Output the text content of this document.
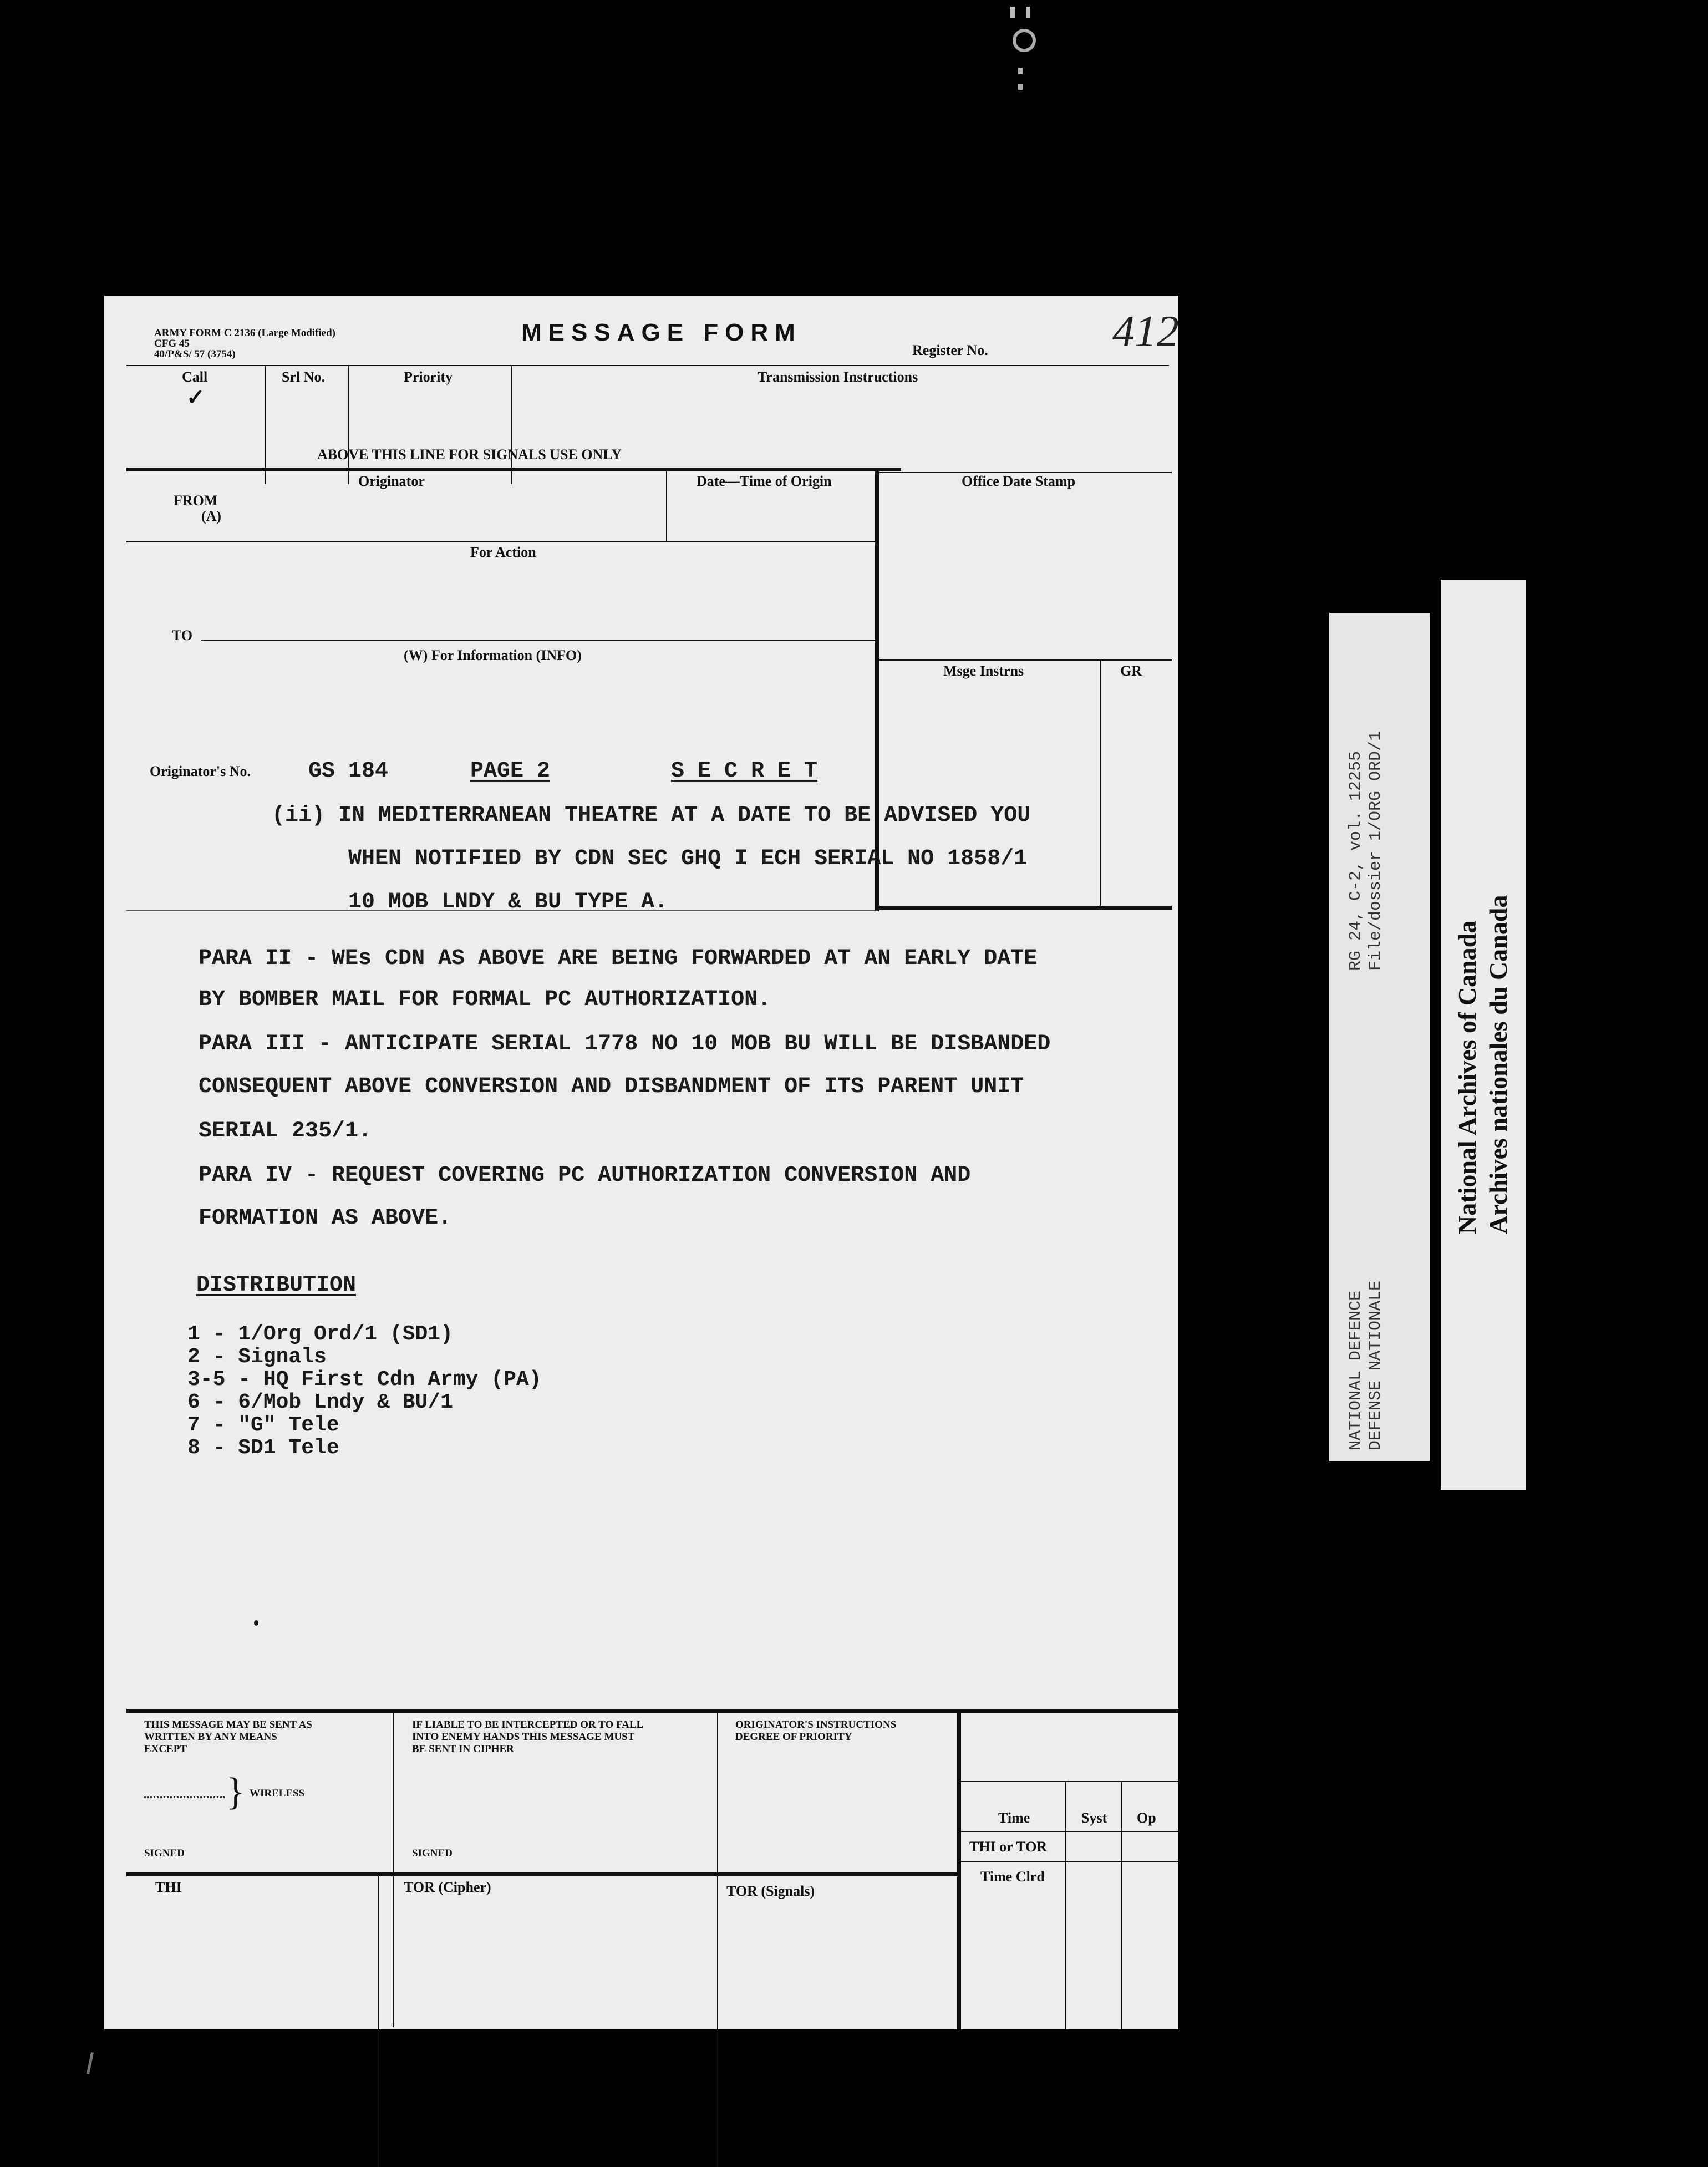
ARMY FORM C 2136 (Large Modified)
CFG 45
40/P&S/ 57 (3754)
MESSAGE FORM
Register No.	412
Call
✓
Srl No.	Priority	Transmission Instructions
ABOVE THIS LINE FOR SIGNALS USE ONLY
Originator	Date—Time of Origin
FROM
(A)
Office Date Stamp
For Action
TO
(W) For Information (INFO)
Msge Instrns	GR
Originator's No.	GS 184	PAGE 2	S E C R E T
(ii) IN MEDITERRANEAN THEATRE AT A DATE TO BE ADVISED YOU
WHEN NOTIFIED BY CDN SEC GHQ I ECH SERIAL NO 1858/1
10 MOB LNDY & BU TYPE A.
PARA II - WEs CDN AS ABOVE ARE BEING FORWARDED AT AN EARLY DATE
BY BOMBER MAIL FOR FORMAL PC AUTHORIZATION.
PARA III - ANTICIPATE SERIAL 1778 NO 10 MOB BU WILL BE DISBANDED
CONSEQUENT ABOVE CONVERSION AND DISBANDMENT OF ITS PARENT UNIT
SERIAL 235/1.
PARA IV - REQUEST COVERING PC AUTHORIZATION CONVERSION AND
FORMATION AS ABOVE.
DISTRIBUTION
1 - 1/Org Ord/1 (SD1)
2 - Signals
3-5 - HQ First Cdn Army (PA)
6 - 6/Mob Lndy & BU/1
7 - "G" Tele
8 - SD1 Tele
THIS MESSAGE MAY BE SENT AS
WRITTEN BY ANY MEANS
EXCEPT
} WIRELESS
IF LIABLE TO BE INTERCEPTED OR TO FALL
INTO ENEMY HANDS THIS MESSAGE MUST
BE SENT IN CIPHER
ORIGINATOR'S INSTRUCTIONS
DEGREE OF PRIORITY
SIGNED	SIGNED
Time	Syst Op
THI or TOR
Time Clrd
THI	TOR (Cipher)	TOR (Signals)
RG 24, C-2, vol. 12255 File/dossier 1/ORG ORD/1
NATIONAL DEFENCE DEFENSE NATIONALE
National Archives of Canada Archives nationales du Canada
